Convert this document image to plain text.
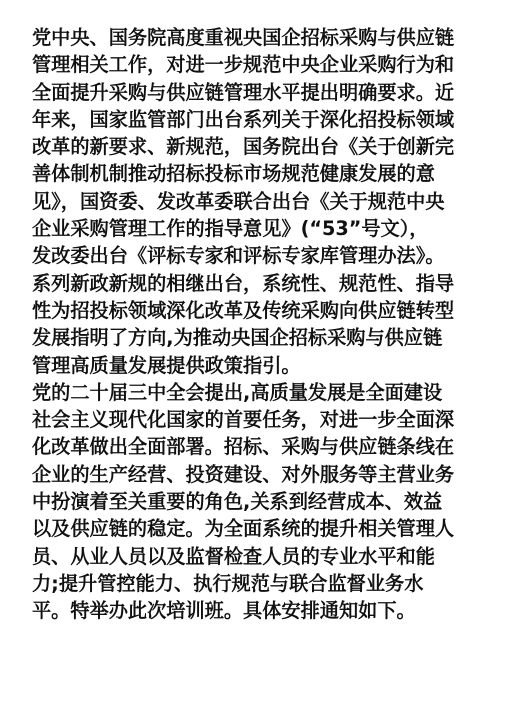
党中央、国务院高度重视央国企招标采购与供应链
管理相关工作，对进一步规范中央企业采购行为和
全面提升采购与供应链管理水平提出明确要求。近
年来，国家监管部门出台系列关于深化招投标领域
改革的新要求、新规范，国务院出台《关于创新完
善体制机制推动招标投标市场规范健康发展的意
见》，国资委、发改革委联合出台《关于规范中央
企业采购管理工作的指导意见》(“53”号文），
发改委出台《评标专家和评标专家库管理办法》。
系列新政新规的相继出台，系统性、规范性、指导
性为招投标领域深化改革及传统采购向供应链转型
发展指明了方向,为推动央国企招标采购与供应链
管理高质量发展提供政策指引。
党的二十届三中全会提出,高质量发展是全面建设
社会主义现代化国家的首要任务，对进一步全面深
化改革做出全面部署。招标、采购与供应链条线在
企业的生产经营、投资建设、对外服务等主营业务
中扮演着至关重要的角色,关系到经营成本、效益
以及供应链的稳定。为全面系统的提升相关管理人
员、从业人员以及监督检查人员的专业水平和能
力;提升管控能力、执行规范与联合监督业务水
平。特举办此次培训班。具体安排通知如下。
